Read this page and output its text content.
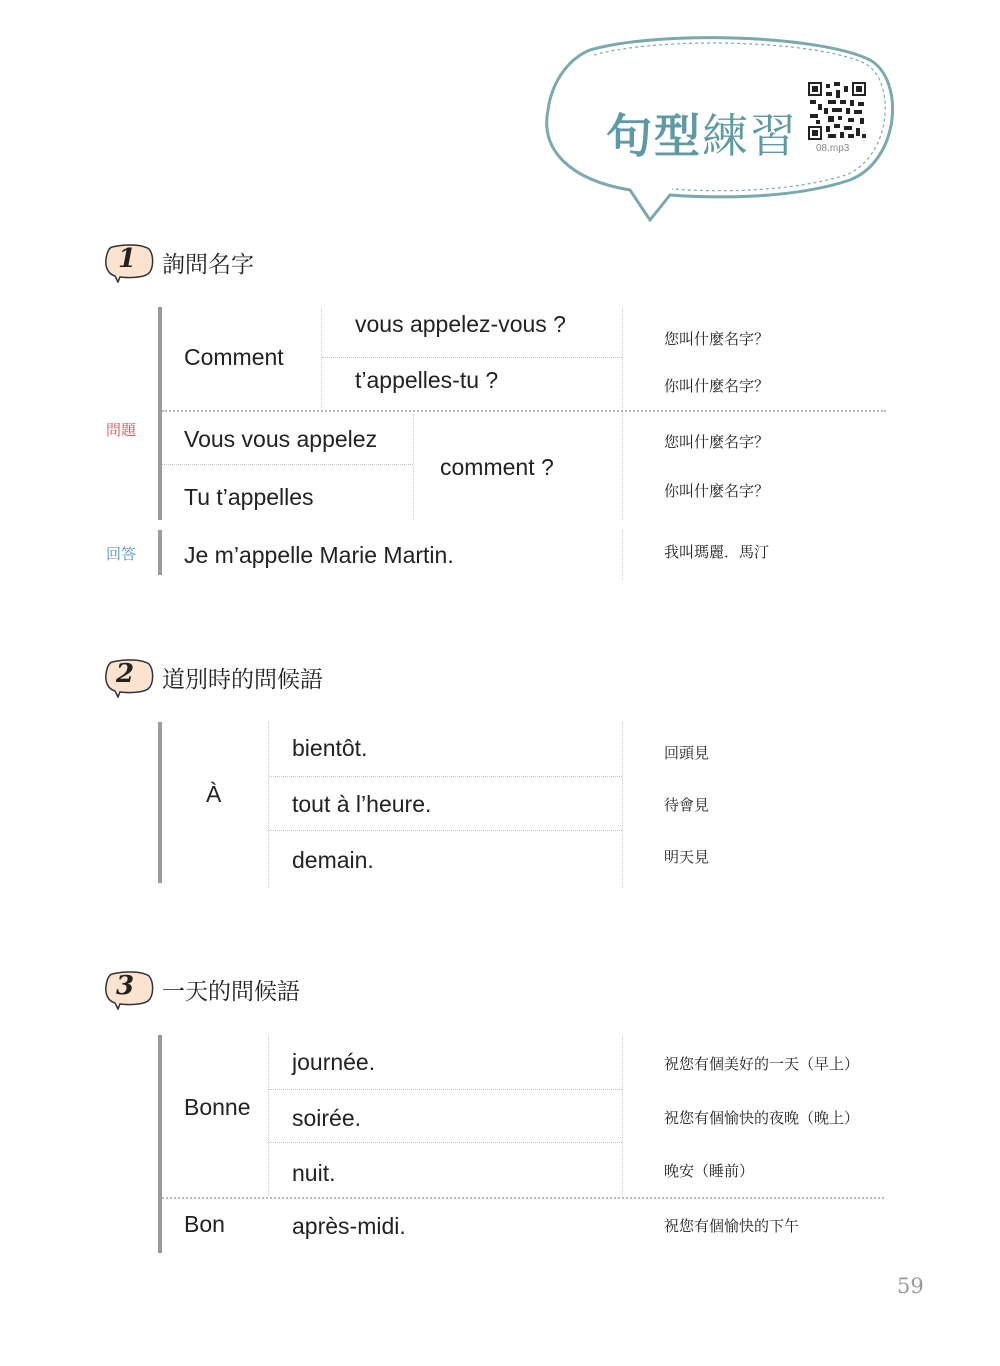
句型練習 08.mp3
1 詢問名字
問題
回答
Comment
vous appelez-vous ?
t’appelles-tu ?
Vous vous appelez
Tu t’appelles
comment ?
Je m’appelle Marie Martin.
您叫什麼名字？
你叫什麼名字？
您叫什麼名字？
你叫什麼名字？
我叫瑪麗．馬汀
2 道別時的問候語
À
bientôt.
tout à l’heure.
demain.
回頭見
待會見
明天見
3 一天的問候語
Bonne
journée.
soirée.
nuit.
Bon	après-midi.
祝您有個美好的一天（早上）
祝您有個愉快的夜晚（晚上）
晚安（睡前）
祝您有個愉快的下午
59
